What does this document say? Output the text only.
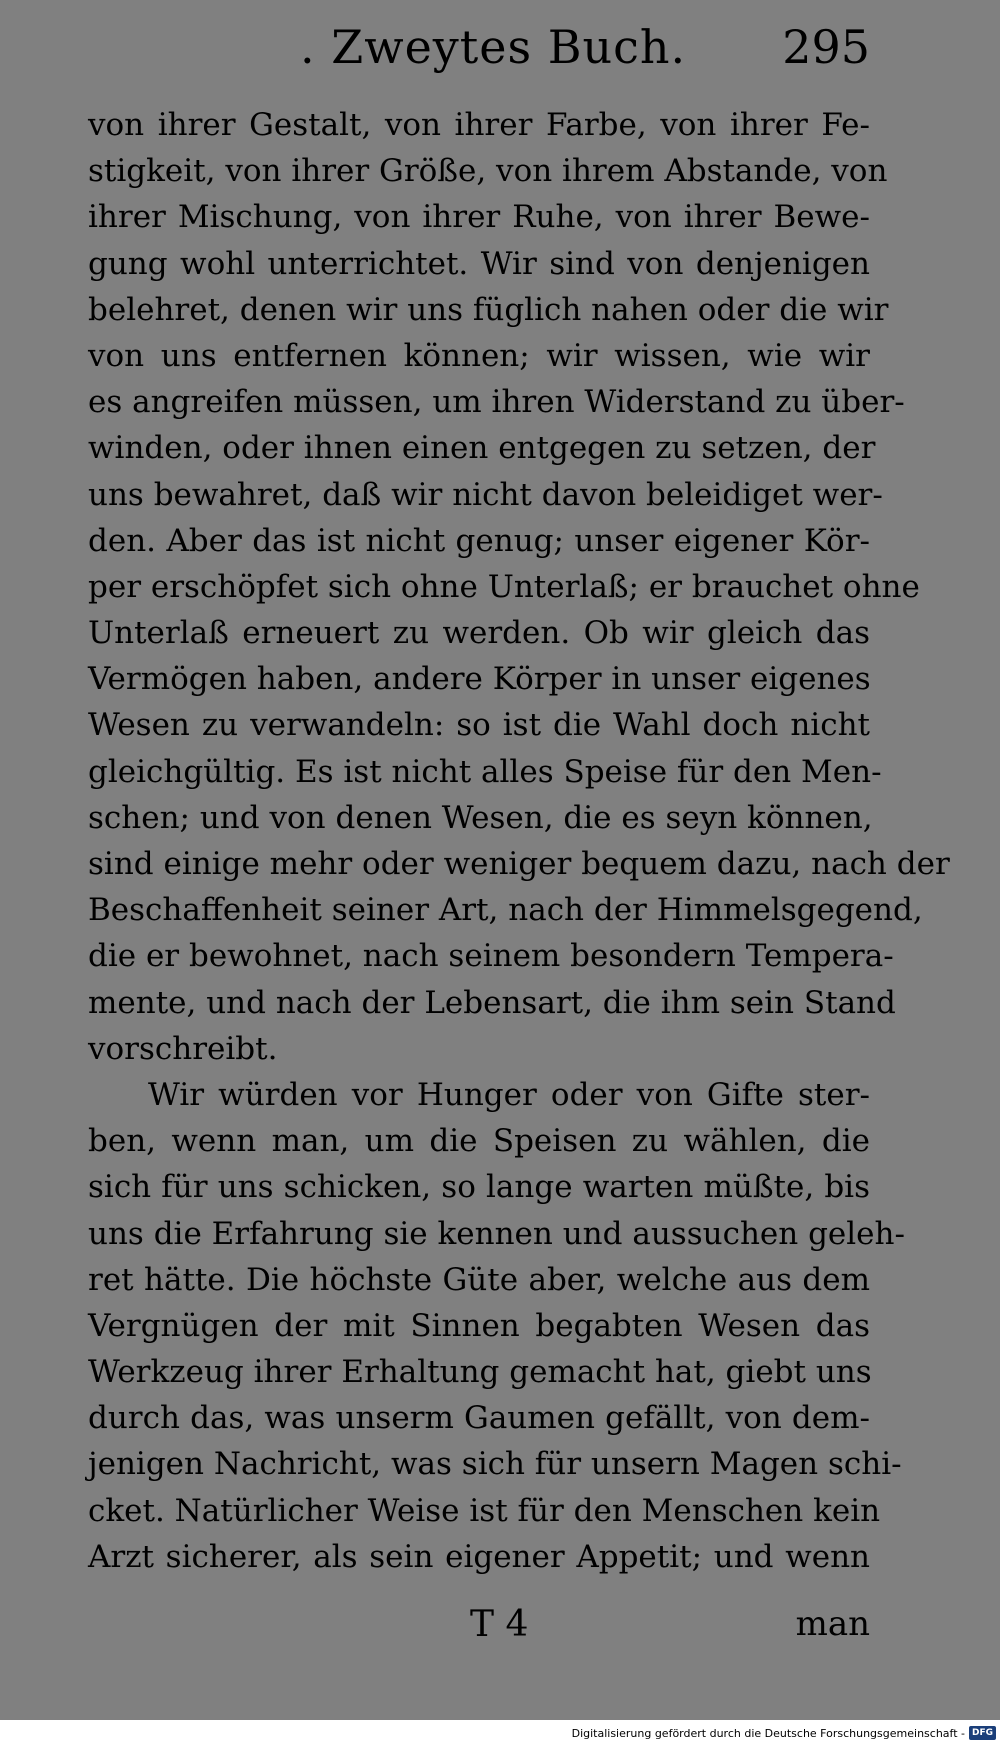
. Zweytes Buch. 295
von ihrer Gestalt, von ihrer Farbe, von ihrer Fe-
stigkeit, von ihrer Größe, von ihrem Abstande, von
ihrer Mischung, von ihrer Ruhe, von ihrer Bewe-
gung wohl unterrichtet. Wir sind von denjenigen
belehret, denen wir uns füglich nahen oder die wir
von uns entfernen können; wir wissen, wie wir
es angreifen müssen, um ihren Widerstand zu über-
winden, oder ihnen einen entgegen zu setzen, der
uns bewahret, daß wir nicht davon beleidiget wer-
den. Aber das ist nicht genug; unser eigener Kör-
per erschöpfet sich ohne Unterlaß; er brauchet ohne
Unterlaß erneuert zu werden. Ob wir gleich das
Vermögen haben, andere Körper in unser eigenes
Wesen zu verwandeln: so ist die Wahl doch nicht
gleichgültig. Es ist nicht alles Speise für den Men-
schen; und von denen Wesen, die es seyn können,
sind einige mehr oder weniger bequem dazu, nach der
Beschaffenheit seiner Art, nach der Himmelsgegend,
die er bewohnet, nach seinem besondern Tempera-
mente, und nach der Lebensart, die ihm sein Stand
vorschreibt.
Wir würden vor Hunger oder von Gifte ster-
ben, wenn man, um die Speisen zu wählen, die
sich für uns schicken, so lange warten müßte, bis
uns die Erfahrung sie kennen und aussuchen geleh-
ret hätte. Die höchste Güte aber, welche aus dem
Vergnügen der mit Sinnen begabten Wesen das
Werkzeug ihrer Erhaltung gemacht hat, giebt uns
durch das, was unserm Gaumen gefällt, von dem-
jenigen Nachricht, was sich für unsern Magen schi-
cket. Natürlicher Weise ist für den Menschen kein
Arzt sicherer, als sein eigener Appetit; und wenn
T 4	man
Digitalisierung gefördert durch die Deutsche Forschungsgemeinschaft - DFG
